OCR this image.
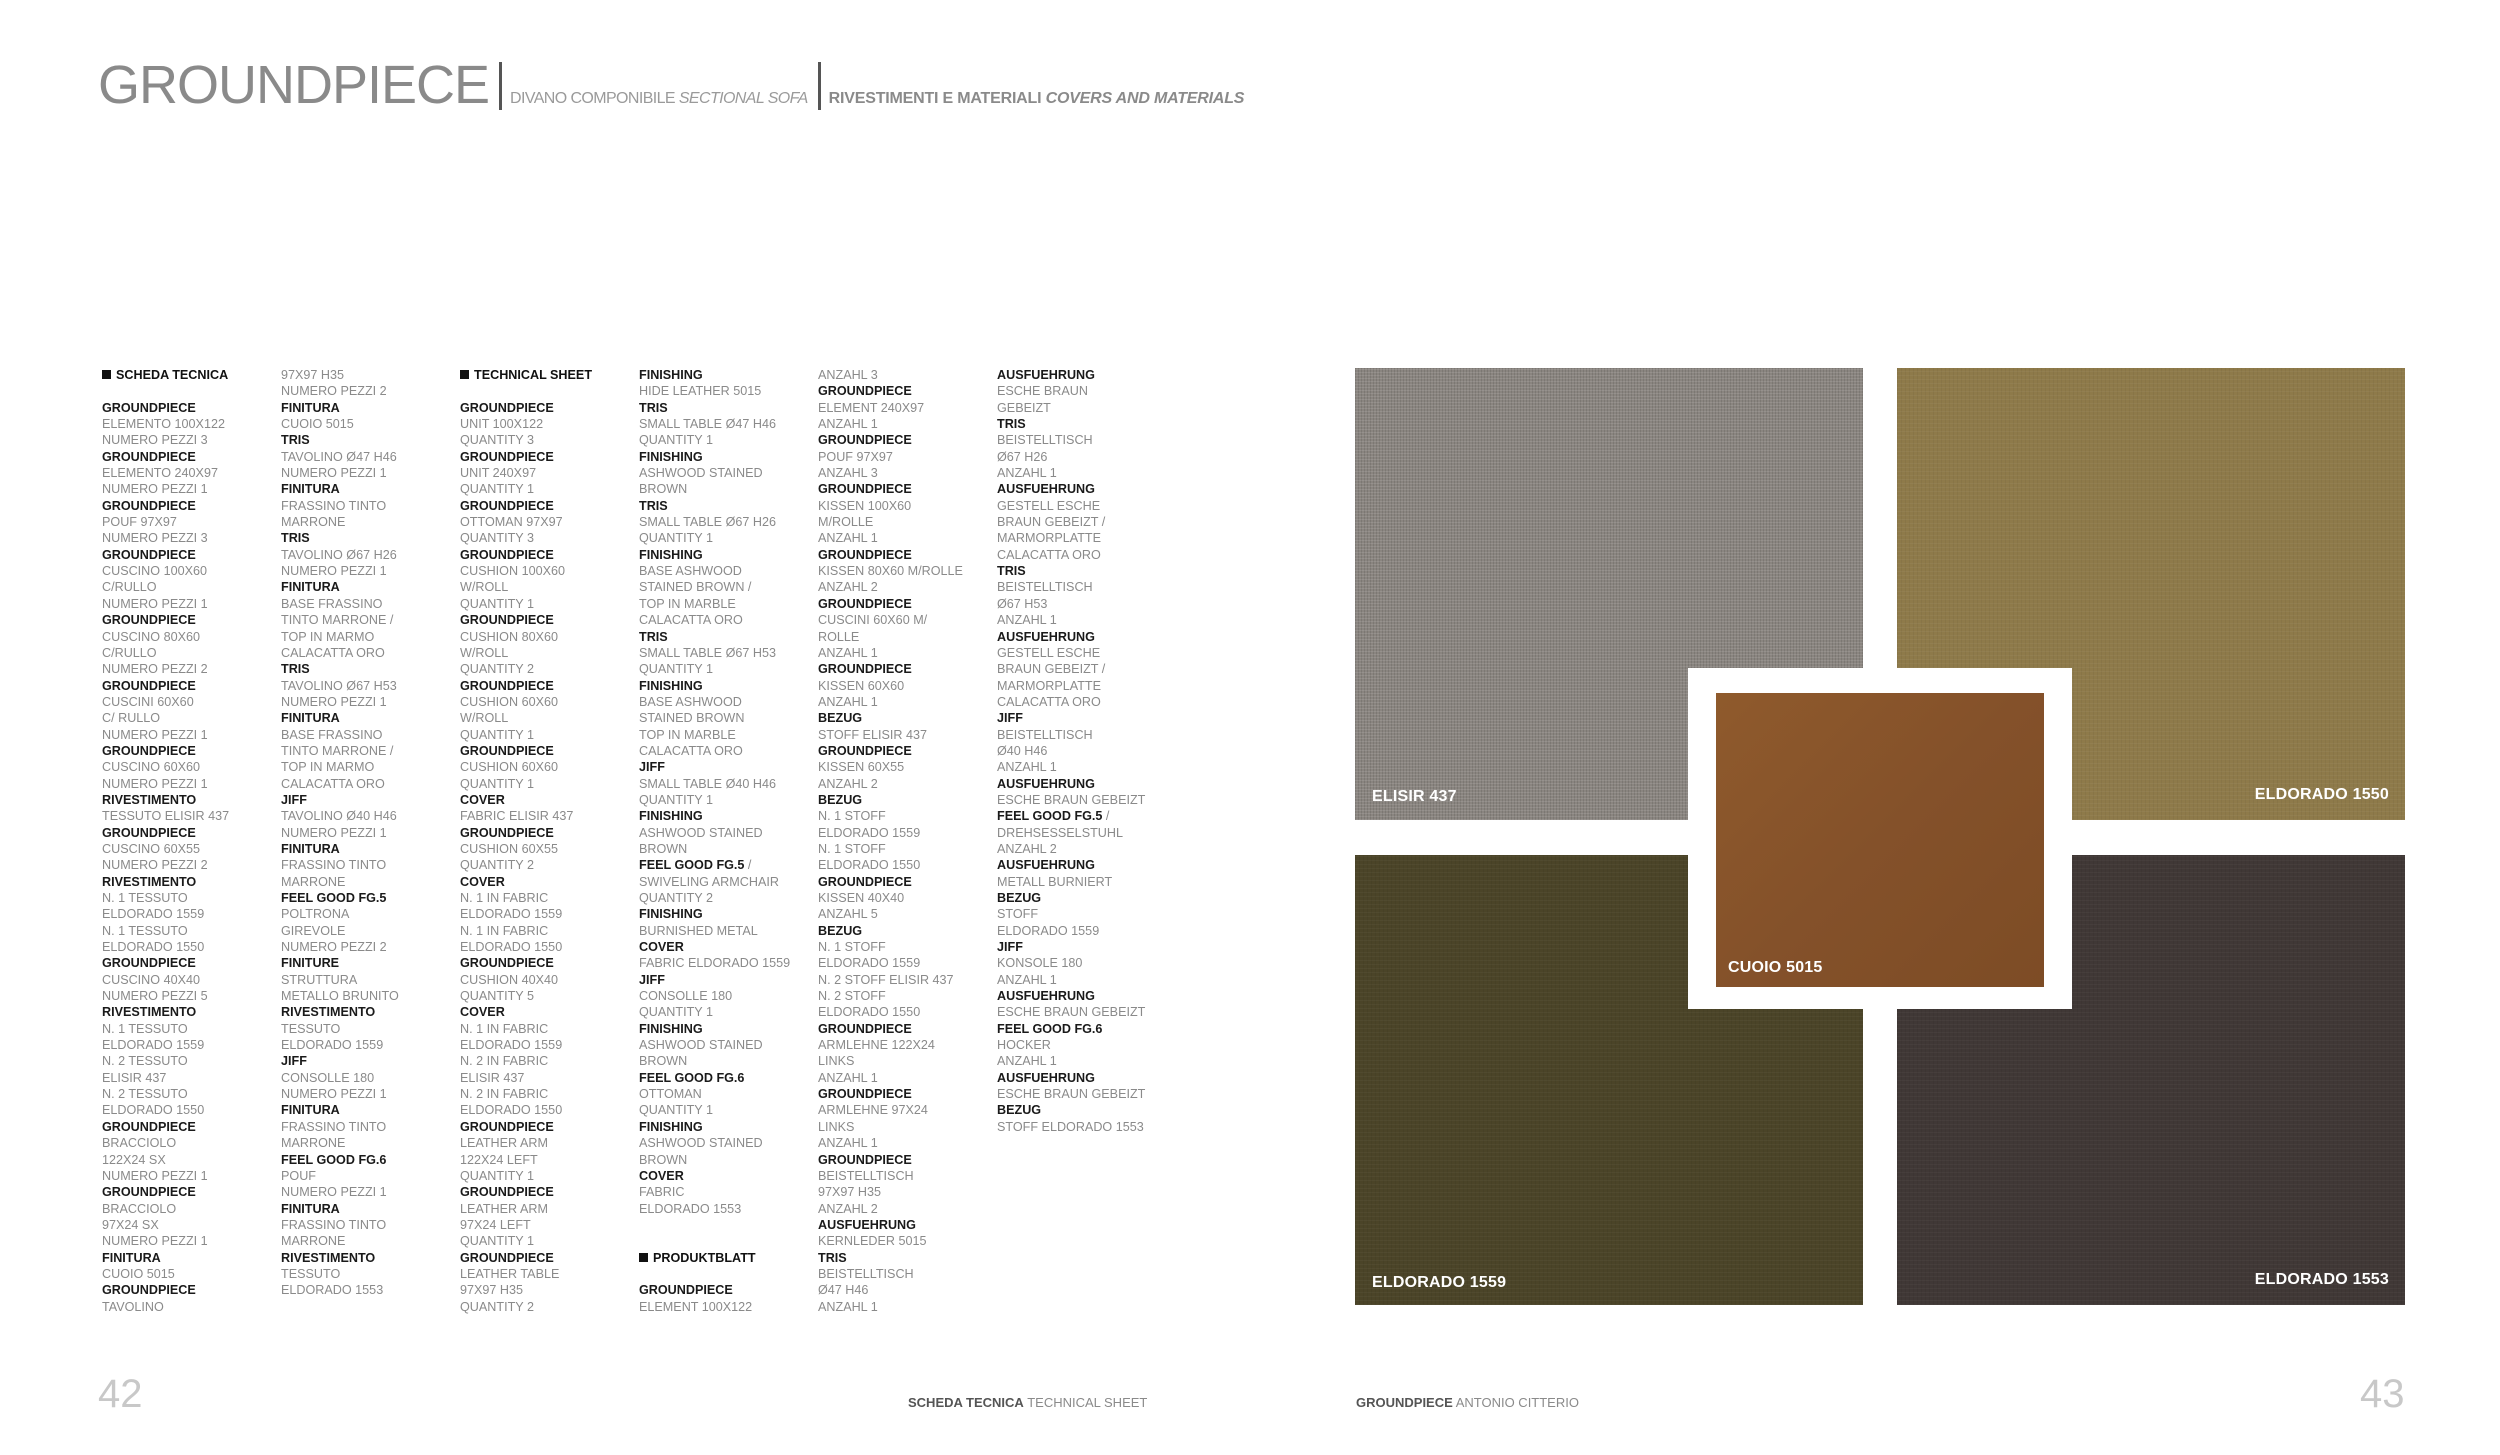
GROUNDPIECE DIVANO COMPONIBILE SECTIONAL SOFA RIVESTIMENTI E MATERIALI COVERS AND MATERIALS
SCHEDA TECNICA
GROUNDPIECE
ELEMENTO 100X122
NUMERO PEZZI 3
GROUNDPIECE
ELEMENTO 240X97
NUMERO PEZZI 1
GROUNDPIECE
POUF 97X97
NUMERO PEZZI 3
GROUNDPIECE
CUSCINO 100X60
C/RULLO
NUMERO PEZZI 1
GROUNDPIECE
CUSCINO 80X60
C/RULLO
NUMERO PEZZI 2
GROUNDPIECE
CUSCINI 60X60
C/ RULLO
NUMERO PEZZI 1
GROUNDPIECE
CUSCINO 60X60
NUMERO PEZZI 1
RIVESTIMENTO
TESSUTO ELISIR 437
GROUNDPIECE
CUSCINO 60X55
NUMERO PEZZI 2
RIVESTIMENTO
N. 1 TESSUTO
ELDORADO 1559
N. 1 TESSUTO
ELDORADO 1550
GROUNDPIECE
CUSCINO 40X40
NUMERO PEZZI 5
RIVESTIMENTO
N. 1 TESSUTO
ELDORADO 1559
N. 2 TESSUTO
ELISIR 437
N. 2 TESSUTO
ELDORADO 1550
GROUNDPIECE
BRACCIOLO
122X24 SX
NUMERO PEZZI 1
GROUNDPIECE
BRACCIOLO
97X24 SX
NUMERO PEZZI 1
FINITURA
CUOIO 5015
GROUNDPIECE
TAVOLINO
97X97 H35
NUMERO PEZZI 2
FINITURA
CUOIO 5015
TRIS
TAVOLINO Ø47 H46
NUMERO PEZZI 1
FINITURA
FRASSINO TINTO
MARRONE
TRIS
TAVOLINO Ø67 H26
NUMERO PEZZI 1
FINITURA
BASE FRASSINO
TINTO MARRONE /
TOP IN MARMO
CALACATTA ORO
TRIS
TAVOLINO Ø67 H53
NUMERO PEZZI 1
FINITURA
BASE FRASSINO
TINTO MARRONE /
TOP IN MARMO
CALACATTA ORO
JIFF
TAVOLINO Ø40 H46
NUMERO PEZZI 1
FINITURA
FRASSINO TINTO
MARRONE
FEEL GOOD FG.5
POLTRONA
GIREVOLE
NUMERO PEZZI 2
FINITURE
STRUTTURA
METALLO BRUNITO
RIVESTIMENTO
TESSUTO
ELDORADO 1559
JIFF
CONSOLLE 180
NUMERO PEZZI 1
FINITURA
FRASSINO TINTO
MARRONE
FEEL GOOD FG.6
POUF
NUMERO PEZZI 1
FINITURA
FRASSINO TINTO
MARRONE
RIVESTIMENTO
TESSUTO
ELDORADO 1553
TECHNICAL SHEET
GROUNDPIECE
UNIT 100X122
QUANTITY 3
GROUNDPIECE
UNIT 240X97
QUANTITY 1
GROUNDPIECE
OTTOMAN 97X97
QUANTITY 3
GROUNDPIECE
CUSHION 100X60
W/ROLL
QUANTITY 1
GROUNDPIECE
CUSHION 80X60
W/ROLL
QUANTITY 2
GROUNDPIECE
CUSHION 60X60
W/ROLL
QUANTITY 1
GROUNDPIECE
CUSHION 60X60
QUANTITY 1
COVER
FABRIC ELISIR 437
GROUNDPIECE
CUSHION 60X55
QUANTITY 2
COVER
N. 1 IN FABRIC
ELDORADO 1559
N. 1 IN FABRIC
ELDORADO 1550
GROUNDPIECE
CUSHION 40X40
QUANTITY 5
COVER
N. 1 IN FABRIC
ELDORADO 1559
N. 2 IN FABRIC
ELISIR 437
N. 2 IN FABRIC
ELDORADO 1550
GROUNDPIECE
LEATHER ARM
122X24 LEFT
QUANTITY 1
GROUNDPIECE
LEATHER ARM
97X24 LEFT
QUANTITY 1
GROUNDPIECE
LEATHER TABLE
97X97 H35
QUANTITY 2
FINISHING
HIDE LEATHER 5015
TRIS
SMALL TABLE Ø47 H46
QUANTITY 1
FINISHING
ASHWOOD STAINED
BROWN
TRIS
SMALL TABLE Ø67 H26
QUANTITY 1
FINISHING
BASE ASHWOOD
STAINED BROWN /
TOP IN MARBLE
CALACATTA ORO
TRIS
SMALL TABLE Ø67 H53
QUANTITY 1
FINISHING
BASE ASHWOOD
STAINED BROWN
TOP IN MARBLE
CALACATTA ORO
JIFF
SMALL TABLE Ø40 H46
QUANTITY 1
FINISHING
ASHWOOD STAINED
BROWN
FEEL GOOD FG.5 /
SWIVELING ARMCHAIR
QUANTITY 2
FINISHING
BURNISHED METAL
COVER
FABRIC ELDORADO 1559
JIFF
CONSOLLE 180
QUANTITY 1
FINISHING
ASHWOOD STAINED
BROWN
FEEL GOOD FG.6
OTTOMAN
QUANTITY 1
FINISHING
ASHWOOD STAINED
BROWN
COVER
FABRIC
ELDORADO 1553
PRODUKTBLATT
GROUNDPIECE
ELEMENT 100X122
ANZAHL 3
GROUNDPIECE
ELEMENT 240X97
ANZAHL 1
GROUNDPIECE
POUF 97X97
ANZAHL 3
GROUNDPIECE
KISSEN 100X60
M/ROLLE
ANZAHL 1
GROUNDPIECE
KISSEN 80X60 M/ROLLE
ANZAHL 2
GROUNDPIECE
CUSCINI 60X60 M/
ROLLE
ANZAHL 1
GROUNDPIECE
KISSEN 60X60
ANZAHL 1
BEZUG
STOFF ELISIR 437
GROUNDPIECE
KISSEN 60X55
ANZAHL 2
BEZUG
N. 1 STOFF
ELDORADO 1559
N. 1 STOFF
ELDORADO 1550
GROUNDPIECE
KISSEN 40X40
ANZAHL 5
BEZUG
N. 1 STOFF
ELDORADO 1559
N. 2 STOFF ELISIR 437
N. 2 STOFF
ELDORADO 1550
GROUNDPIECE
ARMLEHNE 122X24
LINKS
ANZAHL 1
GROUNDPIECE
ARMLEHNE 97X24
LINKS
ANZAHL 1
GROUNDPIECE
BEISTELLTISCH
97X97 H35
ANZAHL 2
AUSFUEHRUNG
KERNLEDER 5015
TRIS
BEISTELLTISCH
Ø47 H46
ANZAHL 1
AUSFUEHRUNG
ESCHE BRAUN
GEBEIZT
TRIS
BEISTELLTISCH
Ø67 H26
ANZAHL 1
AUSFUEHRUNG
GESTELL ESCHE
BRAUN GEBEIZT /
MARMORPLATTE
CALACATTA ORO
TRIS
BEISTELLTISCH
Ø67 H53
ANZAHL 1
AUSFUEHRUNG
GESTELL ESCHE
BRAUN GEBEIZT /
MARMORPLATTE
CALACATTA ORO
JIFF
BEISTELLTISCH
Ø40 H46
ANZAHL 1
AUSFUEHRUNG
ESCHE BRAUN GEBEIZT
FEEL GOOD FG.5 /
DREHSESSELSTUHL
ANZAHL 2
AUSFUEHRUNG
METALL BURNIERT
BEZUG
STOFF
ELDORADO 1559
JIFF
KONSOLE 180
ANZAHL 1
AUSFUEHRUNG
ESCHE BRAUN GEBEIZT
FEEL GOOD FG.6
HOCKER
ANZAHL 1
AUSFUEHRUNG
ESCHE BRAUN GEBEIZT
BEZUG
STOFF ELDORADO 1553
ELISIR 437	ELDORADO 1550
ELDORADO 1559	ELDORADO 1553
CUOIO 5015
42	43
SCHEDA TECNICA TECHNICAL SHEET	GROUNDPIECE ANTONIO CITTERIO
